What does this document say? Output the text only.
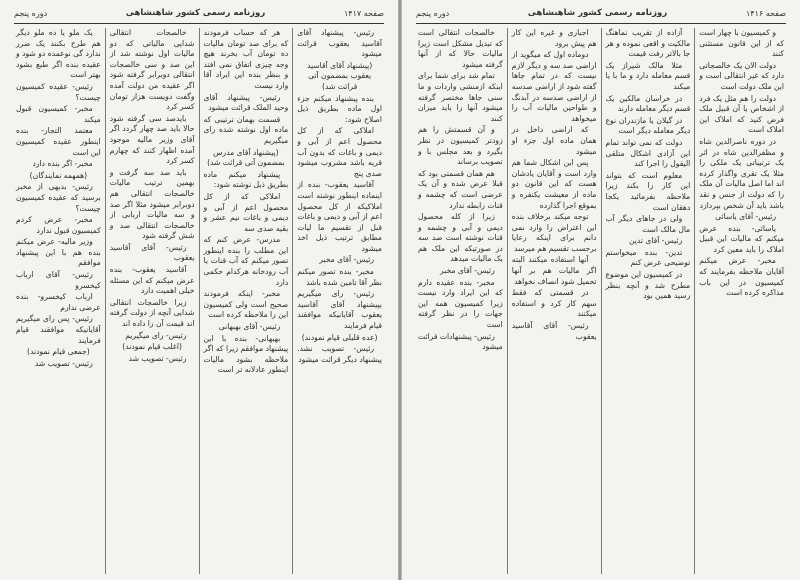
صفحه ۱۴۱۷
روزنامه رسمی کشور شاهنشاهی
دوره پنجم

رئیس- پیشنهاد آقای آقاسید یعقوب قرائت میشود

(پیشنهاد آقای آقاسید یعقوب بمضمون آتی قرائت شد)

بنده پیشنهاد میکنم جزء اول ماده بطریق ذیل اصلاح شود:

املاکی که از کل محصول اعم از آبی و دیمی و باغات که بدون آب قریه باشد مشروب میشود صدی پنج

آقاسید یعقوب- بنده از اینماده اینطور نوشته است املاکیکه از کل محصول اعم از آبی و دیمی و باغات قبل از تقسیم ما لیات مطابق ترتیب ذیل اخذ میشود

رئیس- آقای مخبر

مخبر- بنده تصور میکنم نظر آقا تامین شده باشد

رئیس- رای میگیریم بپیشنهاد آقای آقاسید یعقوب آقایانیکه موافقند قیام فرمایند

(عده قلیلی قیام نمودند)

رئیس- تصویب نشد. پیشنهاد دیگر قرائت میشود

هر که حساب فرمودند که برای صد تومان مالیات ده تومان آب بخرند هیچ وجه چیزی اتفاق نمی افتد و بنظر بنده این ایراد آقا وارد نیست

رئیس- پیشنهاد آقای وحید الملک قرائت میشود

قسمت بهمان ترتیبی که ماده اول نوشته شده رای میگیریم

(پیشنهاد آقای مدرس بمضمون آتی قرائت شد)

پیشنهاد میکنم ماده بطریق ذیل نوشته شود:

املاکی که از کل محصول اعم از آبی و دیمی و باغات نیم عشر و بقیه صدی سه

مدرس- عرض کنم که این مطلب را بنده اینطور تصور میکنم که آب قنات یا آب رودخانه هرکدام حکمی دارد

مخبر- اینکه فرمودند صحیح است ولی کمیسیون این را ملاحظه کرده است

رئیس- آقای بهبهانی

بهبهانی- بنده با این پیشنهاد موافقم زیرا که اگر ملاحظه بشود مالیات اینطور عادلانه تر است

خالصجات انتقالی شدایی مالیاتی که دو مالیات اول نوشته شد از این صد و سی خالصجات انتقالی دوبرابر گرفته شود اگر عقیده من دولت آمده وگفت دویست هزار تومان کسر کرد

بایدصد سی گرفته شود حالا باید صد چهار گردد اگر آقای وزیر مالیه موجود آمده اظهار کنند که چهارم کسر کرد

باید صد سه گرفت و بهمین ترتیب مالیات خالصجات انتقالی هم دوبرابر میشود مثلا اگر صد و سه مالیات اربابی از خالصجات انتقالی صد و شش گرفته شود

رئیس- آقای آقاسید یعقوب

آقاسید یعقوب- بنده عرض میکنم که این مسئله خیلی اهمیت دارد

زیرا خالصجات انتقالی شدایی آنچه از دولت گرفته اند قیمت آن را داده اند

رئیس- رای میگیریم

(اغلب قیام نمودند)

رئیس- تصویب شد

یک ملو یا ده ملو دیگر هم طرح بکنند یک ضرر ندارد گی نوعمده دو شود و عقیده بنده اگر طبع بشود بهتر است

رئیس- عقیده کمیسیون چیست؟

مخبر- کمیسیون قبول میکند

معتمد التجار- بنده اینطور عقیده کمیسیون این است

مخبر- اگر بنده دارد

(همهمه نمایندگان)

رئیس- بدیهی از مخبر برسید که عقیده کمیسیون چیست؟

مخبر- عرض کردم کمیسیون قبول ندارد

وزیر مالیه- عرض میکنم بنده هم با این پیشنهاد موافقم

رئیس- آقای ارباب کیخسرو

ارباب کیخسرو- بنده عرضی ندارم

رئیس- پس رای میگیریم آقایانیکه موافقند قیام فرمایند

(جمعی قیام نمودند)

رئیس- تصویب شد

صفحه ۱۴۱۶
روزنامه رسمی کشور شاهنشاهی
دوره پنجم

و کمیسیون با چهار است که از این قانون مستثنی کنند

دولت الان یک خالصجاتی دارد که غیر انتقالی است و این ملک دولت است

دولت را هم مثل یک فرد از اشخاص یا آن قبیل ملک فرض کنید که املاک این املاک است

در دوره ناصرالدین شاه و مظفرالدین شاه در اثر یک ترتیباتی یک ملکی را مثلا یک تقری واگذار کرده اند اما اصل مالیات آن ملک را که دولت از جنس و نقد باشد باید آن شخص بپردازد

رئیس- آقای یاسائی

یاسائی- بنده عرض میکنم که مالیات این قبیل املاک را باید معین کرد

مخبر- عرض میکنم آقایان ملاحظه بفرمایند که کمیسیون در این باب مذاکره کرده است

آزاده از تقریب نماهنگ مالکیت و اقعی نموده و هر جا بالاتر رفت قیمت

مثلا مالک شیراز یک قسم معامله دارد و ما با یا میکند

در خراسان مالکین یک قسم دیگر معامله دارند

در گیلان یا مازندران نوع دیگر معامله دیگر است

دولت که نمی تواند تمام این آزادی اشکال متلقی الیقول را اجرا کند

معلوم است که بتواند این کار را بکند زیرا ملاحظه بفرمائید یکجا دهقان است

ولی در جاهای دیگر آب مال مالک است

رئیس- آقای تدین

تدین- بنده میخواستم توضیحی عرض کنم

در کمیسیون این موضوع مطرح شد و آنچه بنظر رسید همین بود

اجباری و غیره این کار هم پیش برود

دوماده اول که میگوید از اراضی صد سه و دیگر لازم نیست که در تمام جاها گفته شود از اراضی صدسه از اراضی صدسه در آبدنگ و طواحین مالیات آب را میخواهد

که اراضی داخل در همان ماده اول جزء او میشود

پس این اشکال شما هم وارد است و آقایان یادشان هست که این قانون دو ماده از معیشت یکنفره و بموقع اجرا گذارده

توجه میکند برخلاف بنده این اعتراض را وارد نمی دانم برای اینکه رعایا برحسب تقسیم هم میرسد

آنها استفاده میکنند البته اگر مالیات هم بر آنها تحمیل شود انصاف نخواهد

در قسمتی که فقط سهم کار کرد و استفاده میکنند

رئیس- آقای آقاسید یعقوب

خالصجات انتقالی است که تبدیل مشکل است زیرا مالیات حالا که از آنها گرفته میشود

تمام شد برای شما برای اینکه ازمنشی واردات و ما سنی جاها مختصر گرفته میشود آنها را باید میزان کنند

و آن قسمتش را هم زودتر کمیسیون در نظر بگیرد و بعد مجلس با و تصویب برساند

هم همان قسمتی بود که قبلا عرض شده و آن یک عرضی است که چشمه و قنات رابطه ندارد

زیرا از کله محصول دیمی و آبی و چشمه و قنات نوشته است صد سه در صورتیکه این ملک هم یک مالیات میدهد

رئیس- آقای مخبر

مخبر- بنده عقیده دارم که این ایراد وارد نیست زیرا کمیسیون همه این جهات را در نظر گرفته است

رئیس- پیشنهادات قرائت میشود
